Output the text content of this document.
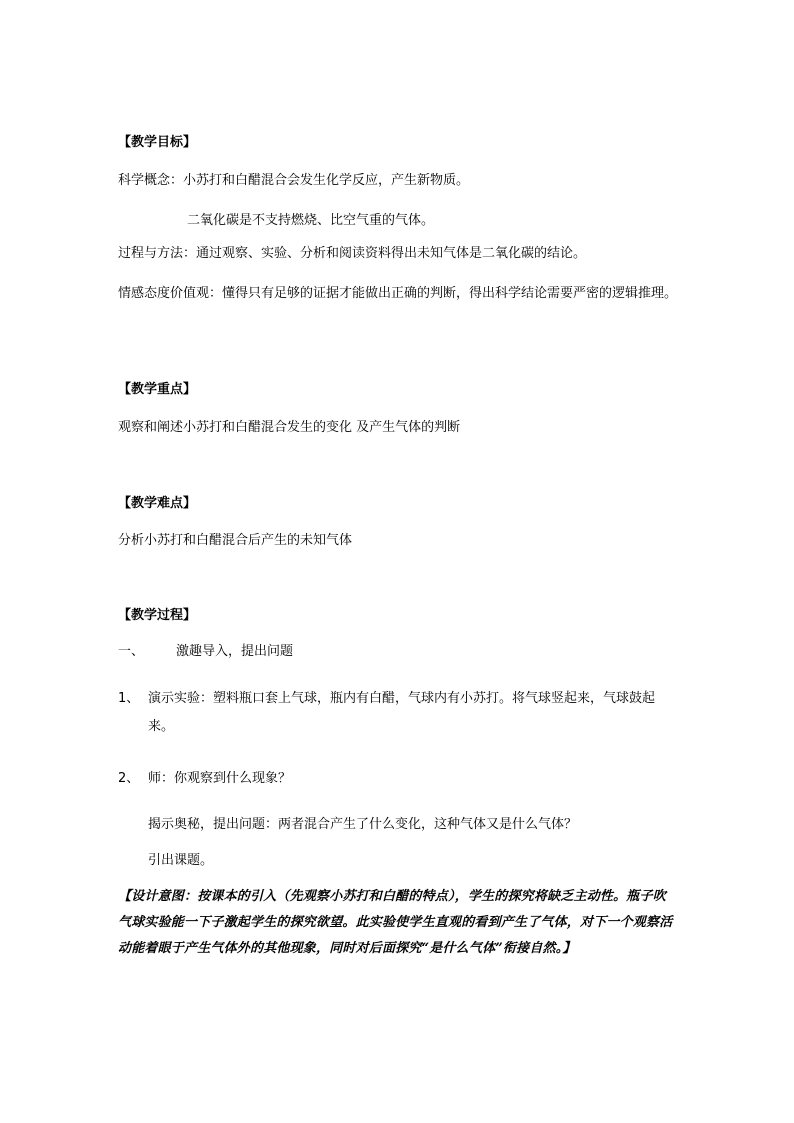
【教学目标】
科学概念：小苏打和白醋混合会发生化学反应，产生新物质。
二氧化碳是不支持燃烧、比空气重的气体。
过程与方法：通过观察、实验、分析和阅读资料得出未知气体是二氧化碳的结论。
情感态度价值观：懂得只有足够的证据才能做出正确的判断，得出科学结论需要严密的逻辑推理。
【教学重点】
观察和阐述小苏打和白醋混合发生的变化 及产生气体的判断
【教学难点】
分析小苏打和白醋混合后产生的未知气体
【教学过程】
一、 激趣导入，提出问题
1、 演示实验：塑料瓶口套上气球，瓶内有白醋，气球内有小苏打。将气球竖起来，气球鼓起来。
2、 师：你观察到什么现象？
揭示奥秘，提出问题：两者混合产生了什么变化，这种气体又是什么气体？
引出课题。
【设计意图：按课本的引入（先观察小苏打和白醋的特点），学生的探究将缺乏主动性。瓶子吹气球实验能一下子激起学生的探究欲望。此实验使学生直观的看到产生了气体，对下一个观察活动能着眼于产生气体外的其他现象，同时对后面探究“是什么气体”衔接自然。】
